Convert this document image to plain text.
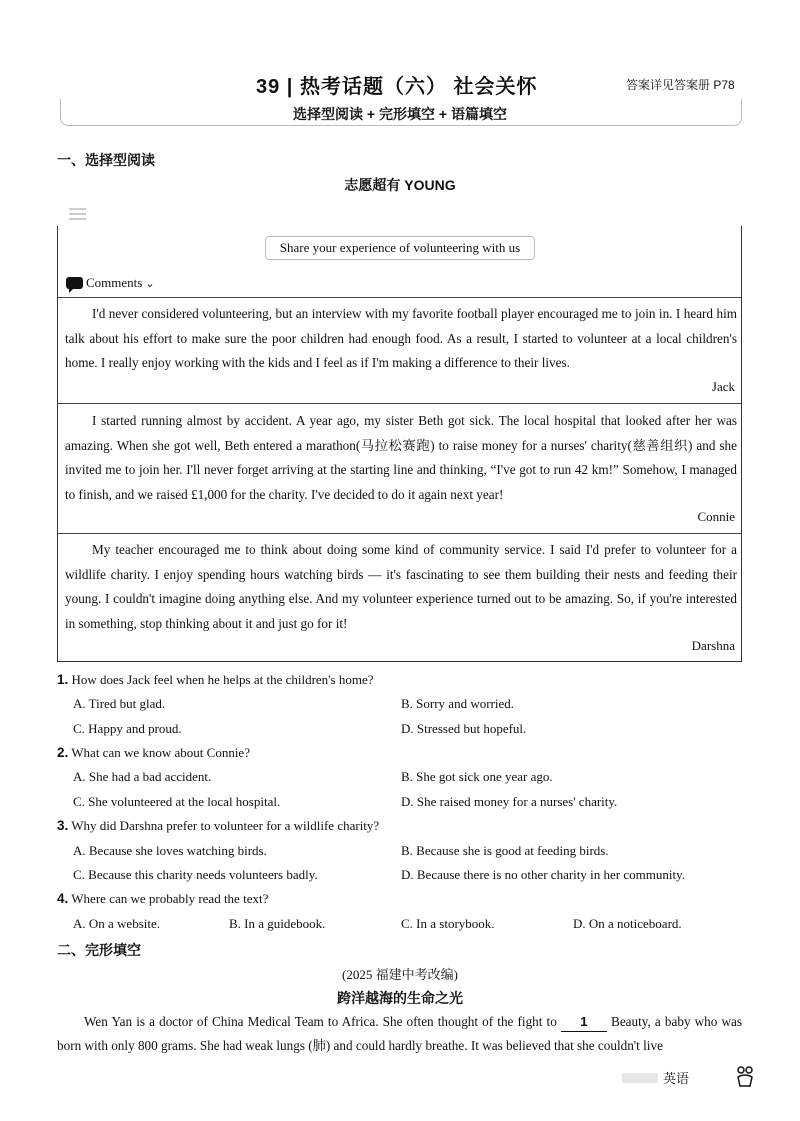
39 | 热考话题（六） 社会关怀	答案详见答案册 P78
选择型阅读 + 完形填空 + 语篇填空
一、选择型阅读
志愿超有 YOUNG
Share your experience of volunteering with us
Comments ⌄
I'd never considered volunteering, but an interview with my favorite football player encouraged me to join in. I heard him talk about his effort to make sure the poor children had enough food. As a result, I started to volunteer at a local children's home. I really enjoy working with the kids and I feel as if I'm making a difference to their lives.
Jack
I started running almost by accident. A year ago, my sister Beth got sick. The local hospital that looked after her was amazing. When she got well, Beth entered a marathon(马拉松赛跑) to raise money for a nurses' charity(慈善组织) and she invited me to join her. I'll never forget arriving at the starting line and thinking, “I've got to run 42 km!” Somehow, I managed to finish, and we raised £1,000 for the charity. I've decided to do it again next year!
Connie
My teacher encouraged me to think about doing some kind of community service. I said I'd prefer to volunteer for a wildlife charity. I enjoy spending hours watching birds — it's fascinating to see them building their nests and feeding their young. I couldn't imagine doing anything else. And my volunteer experience turned out to be amazing. So, if you're interested in something, stop thinking about it and just go for it!
Darshna
1. How does Jack feel when he helps at the children's home?
A. Tired but glad.	B. Sorry and worried.
C. Happy and proud.	D. Stressed but hopeful.
2. What can we know about Connie?
A. She had a bad accident.	B. She got sick one year ago.
C. She volunteered at the local hospital.	D. She raised money for a nurses' charity.
3. Why did Darshna prefer to volunteer for a wildlife charity?
A. Because she loves watching birds.	B. Because she is good at feeding birds.
C. Because this charity needs volunteers badly.	D. Because there is no other charity in her community.
4. Where can we probably read the text?
A. On a website.	B. In a guidebook.	C. In a storybook.	D. On a noticeboard.
二、完形填空
(2025 福建中考改编)
跨洋越海的生命之光
Wen Yan is a doctor of China Medical Team to Africa. She often thought of the fight to 1 Beauty, a baby who was born with only 800 grams. She had weak lungs (肺) and could hardly breathe. It was believed that she couldn't live
英语
